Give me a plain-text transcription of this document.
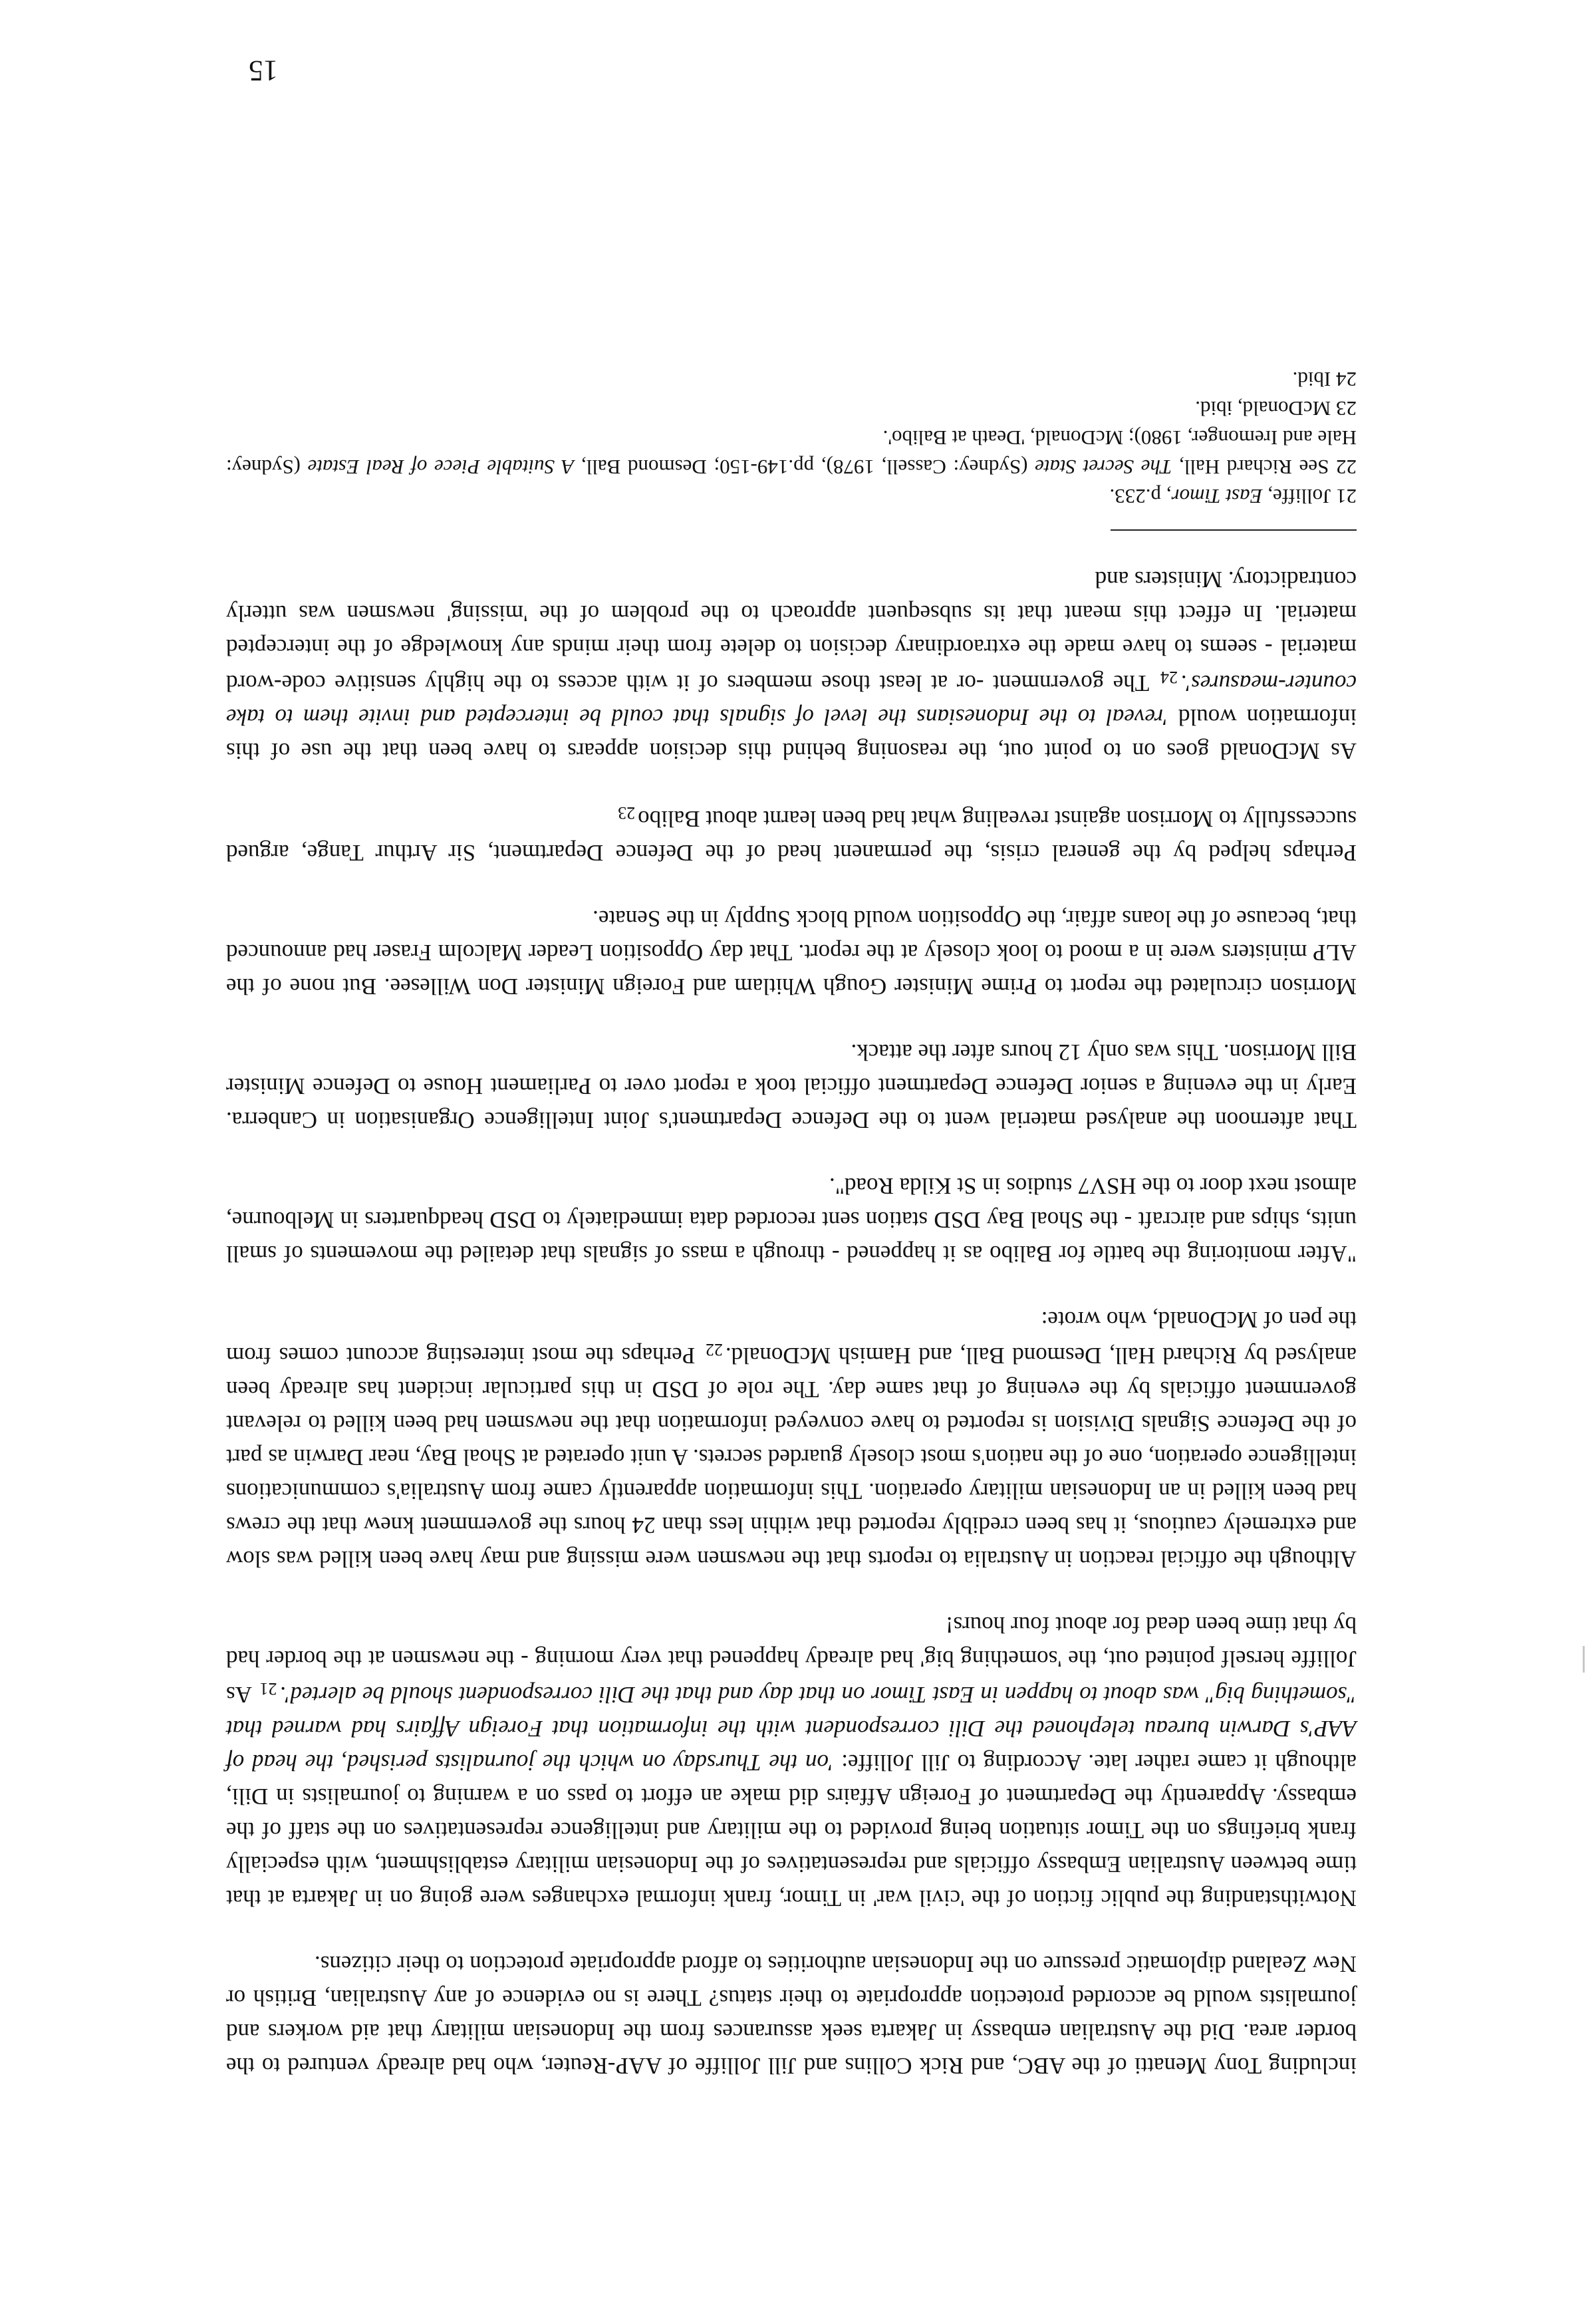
including Tony Menatti of the ABC, and Rick Collins and Jill Jolliffe of AAP-Reuter, who had already ventured to the border area. Did the Australian embassy in Jakarta seek assurances from the Indonesian military that aid workers and journalists would be accorded protection appropriate to their status? There is no evidence of any Australian, British or New Zealand diplomatic pressure on the Indonesian authorities to afford appropriate protection to their citizens.

Notwithstanding the public fiction of the 'civil war' in Timor, frank informal exchanges were going on in Jakarta at that time between Australian Embassy officials and representatives of the Indonesian military establishment, with especially frank briefings on the Timor situation being provided to the military and intelligence representatives on the staff of the embassy. Apparently the Department of Foreign Affairs did make an effort to pass on a warning to journalists in Dili, although it came rather late. According to Jill Jolliffe: 'on the Thursday on which the journalists perished, the head of AAP's Darwin bureau telephoned the Dili correspondent with the information that Foreign Affairs had warned that "something big" was about to happen in East Timor on that day and that the Dili correspondent should be alerted'.$^{21}$ As Jolliffe herself pointed out, the 'something big' had already happened that very morning - the newsmen at the border had by that time been dead for about four hours!

Although the official reaction in Australia to reports that the newsmen were missing and may have been killed was slow and extremely cautious, it has been credibly reported that within less than 24 hours the government knew that the crews had been killed in an Indonesian military operation. This information apparently came from Australia's communications intelligence operation, one of the nation's most closely guarded secrets. A unit operated at Shoal Bay, near Darwin as part of the Defence Signals Division is reported to have conveyed information that the newsmen had been killed to relevant government officials by the evening of that same day. The role of DSD in this particular incident has already been analysed by Richard Hall, Desmond Ball, and Hamish McDonald.$^{22}$ Perhaps the most interesting account comes from the pen of McDonald, who wrote:

"After monitoring the battle for Balibo as it happened - through a mass of signals that detailed the movements of small units, ships and aircraft - the Shoal Bay DSD station sent recorded data immediately to DSD headquarters in Melbourne, almost next door to the HSV7 studios in St Kilda Road".

That afternoon the analysed material went to the Defence Department's Joint Intelligence Organisation in Canberra. Early in the evening a senior Defence Department official took a report over to Parliament House to Defence Minister Bill Morrison. This was only 12 hours after the attack.

Morrison circulated the report to Prime Minister Gough Whitlam and Foreign Minister Don Willesee. But none of the ALP ministers were in a mood to look closely at the report. That day Opposition Leader Malcolm Fraser had announced that, because of the loans affair, the Opposition would block Supply in the Senate.

Perhaps helped by the general crisis, the permanent head of the Defence Department, Sir Arthur Tange, argued successfully to Morrison against revealing what had been learnt about Balibo$^{23}$

As McDonald goes on to point out, the reasoning behind this decision appears to have been that the use of this information would 'reveal to the Indonesians the level of signals that could be intercepted and invite them to take counter-measures'.$^{24}$ The government -or at least those members of it with access to the highly sensitive code-word material - seems to have made the extraordinary decision to delete from their minds any knowledge of the intercepted material. In effect this meant that its subsequent approach to the problem of the 'missing' newsmen was utterly contradictory. Ministers and

21 Jolliffe, East Timor, p.233.
22 See Richard Hall, The Secret State (Sydney: Cassell, 1978), pp.149-150; Desmond Ball, A Suitable Piece of Real Estate (Sydney: Hale and Iremonger, 1980); McDonald, 'Death at Balibo'.
23 McDonald, ibid.
24 Ibid.
15
